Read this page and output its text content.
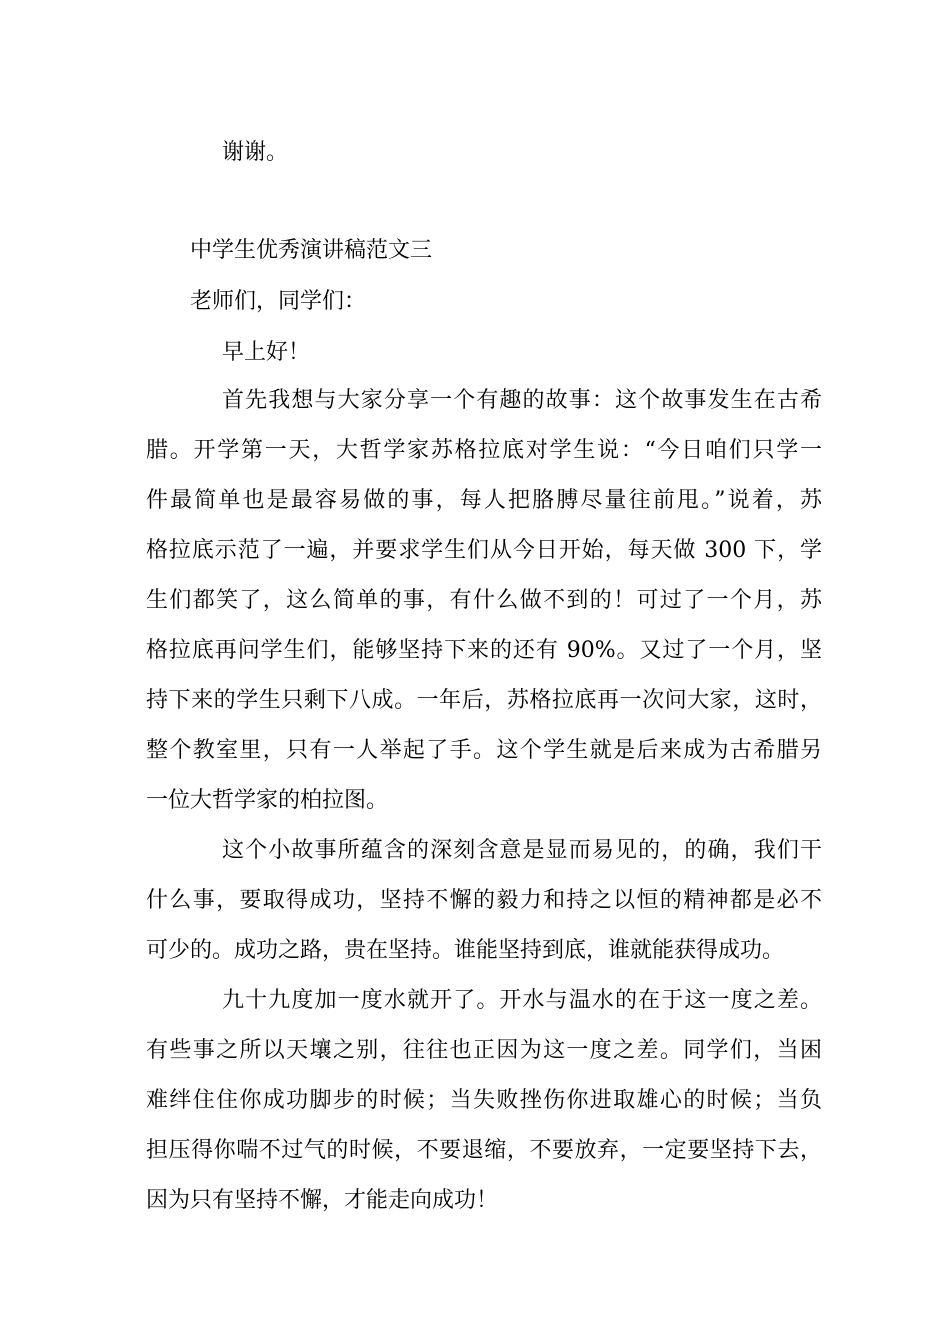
谢谢。
中学生优秀演讲稿范文三
老师们，同学们：
早上好！
首先我想与大家分享一个有趣的故事：这个故事发生在古希
腊。开学第一天，大哲学家苏格拉底对学生说：“今日咱们只学一
件最简单也是最容易做的事，每人把胳膊尽量往前甩。”说着，苏
格拉底示范了一遍，并要求学生们从今日开始，每天做 300 下，学
生们都笑了，这么简单的事，有什么做不到的！可过了一个月，苏
格拉底再问学生们，能够坚持下来的还有 90%。又过了一个月，坚
持下来的学生只剩下八成。一年后，苏格拉底再一次问大家，这时，
整个教室里，只有一人举起了手。这个学生就是后来成为古希腊另
一位大哲学家的柏拉图。
这个小故事所蕴含的深刻含意是显而易见的，的确，我们干
什么事，要取得成功，坚持不懈的毅力和持之以恒的精神都是必不
可少的。成功之路，贵在坚持。谁能坚持到底，谁就能获得成功。
九十九度加一度水就开了。开水与温水的在于这一度之差。
有些事之所以天壤之别，往往也正因为这一度之差。同学们，当困
难绊住住你成功脚步的时候；当失败挫伤你进取雄心的时候；当负
担压得你喘不过气的时候，不要退缩，不要放弃，一定要坚持下去，
因为只有坚持不懈，才能走向成功！
